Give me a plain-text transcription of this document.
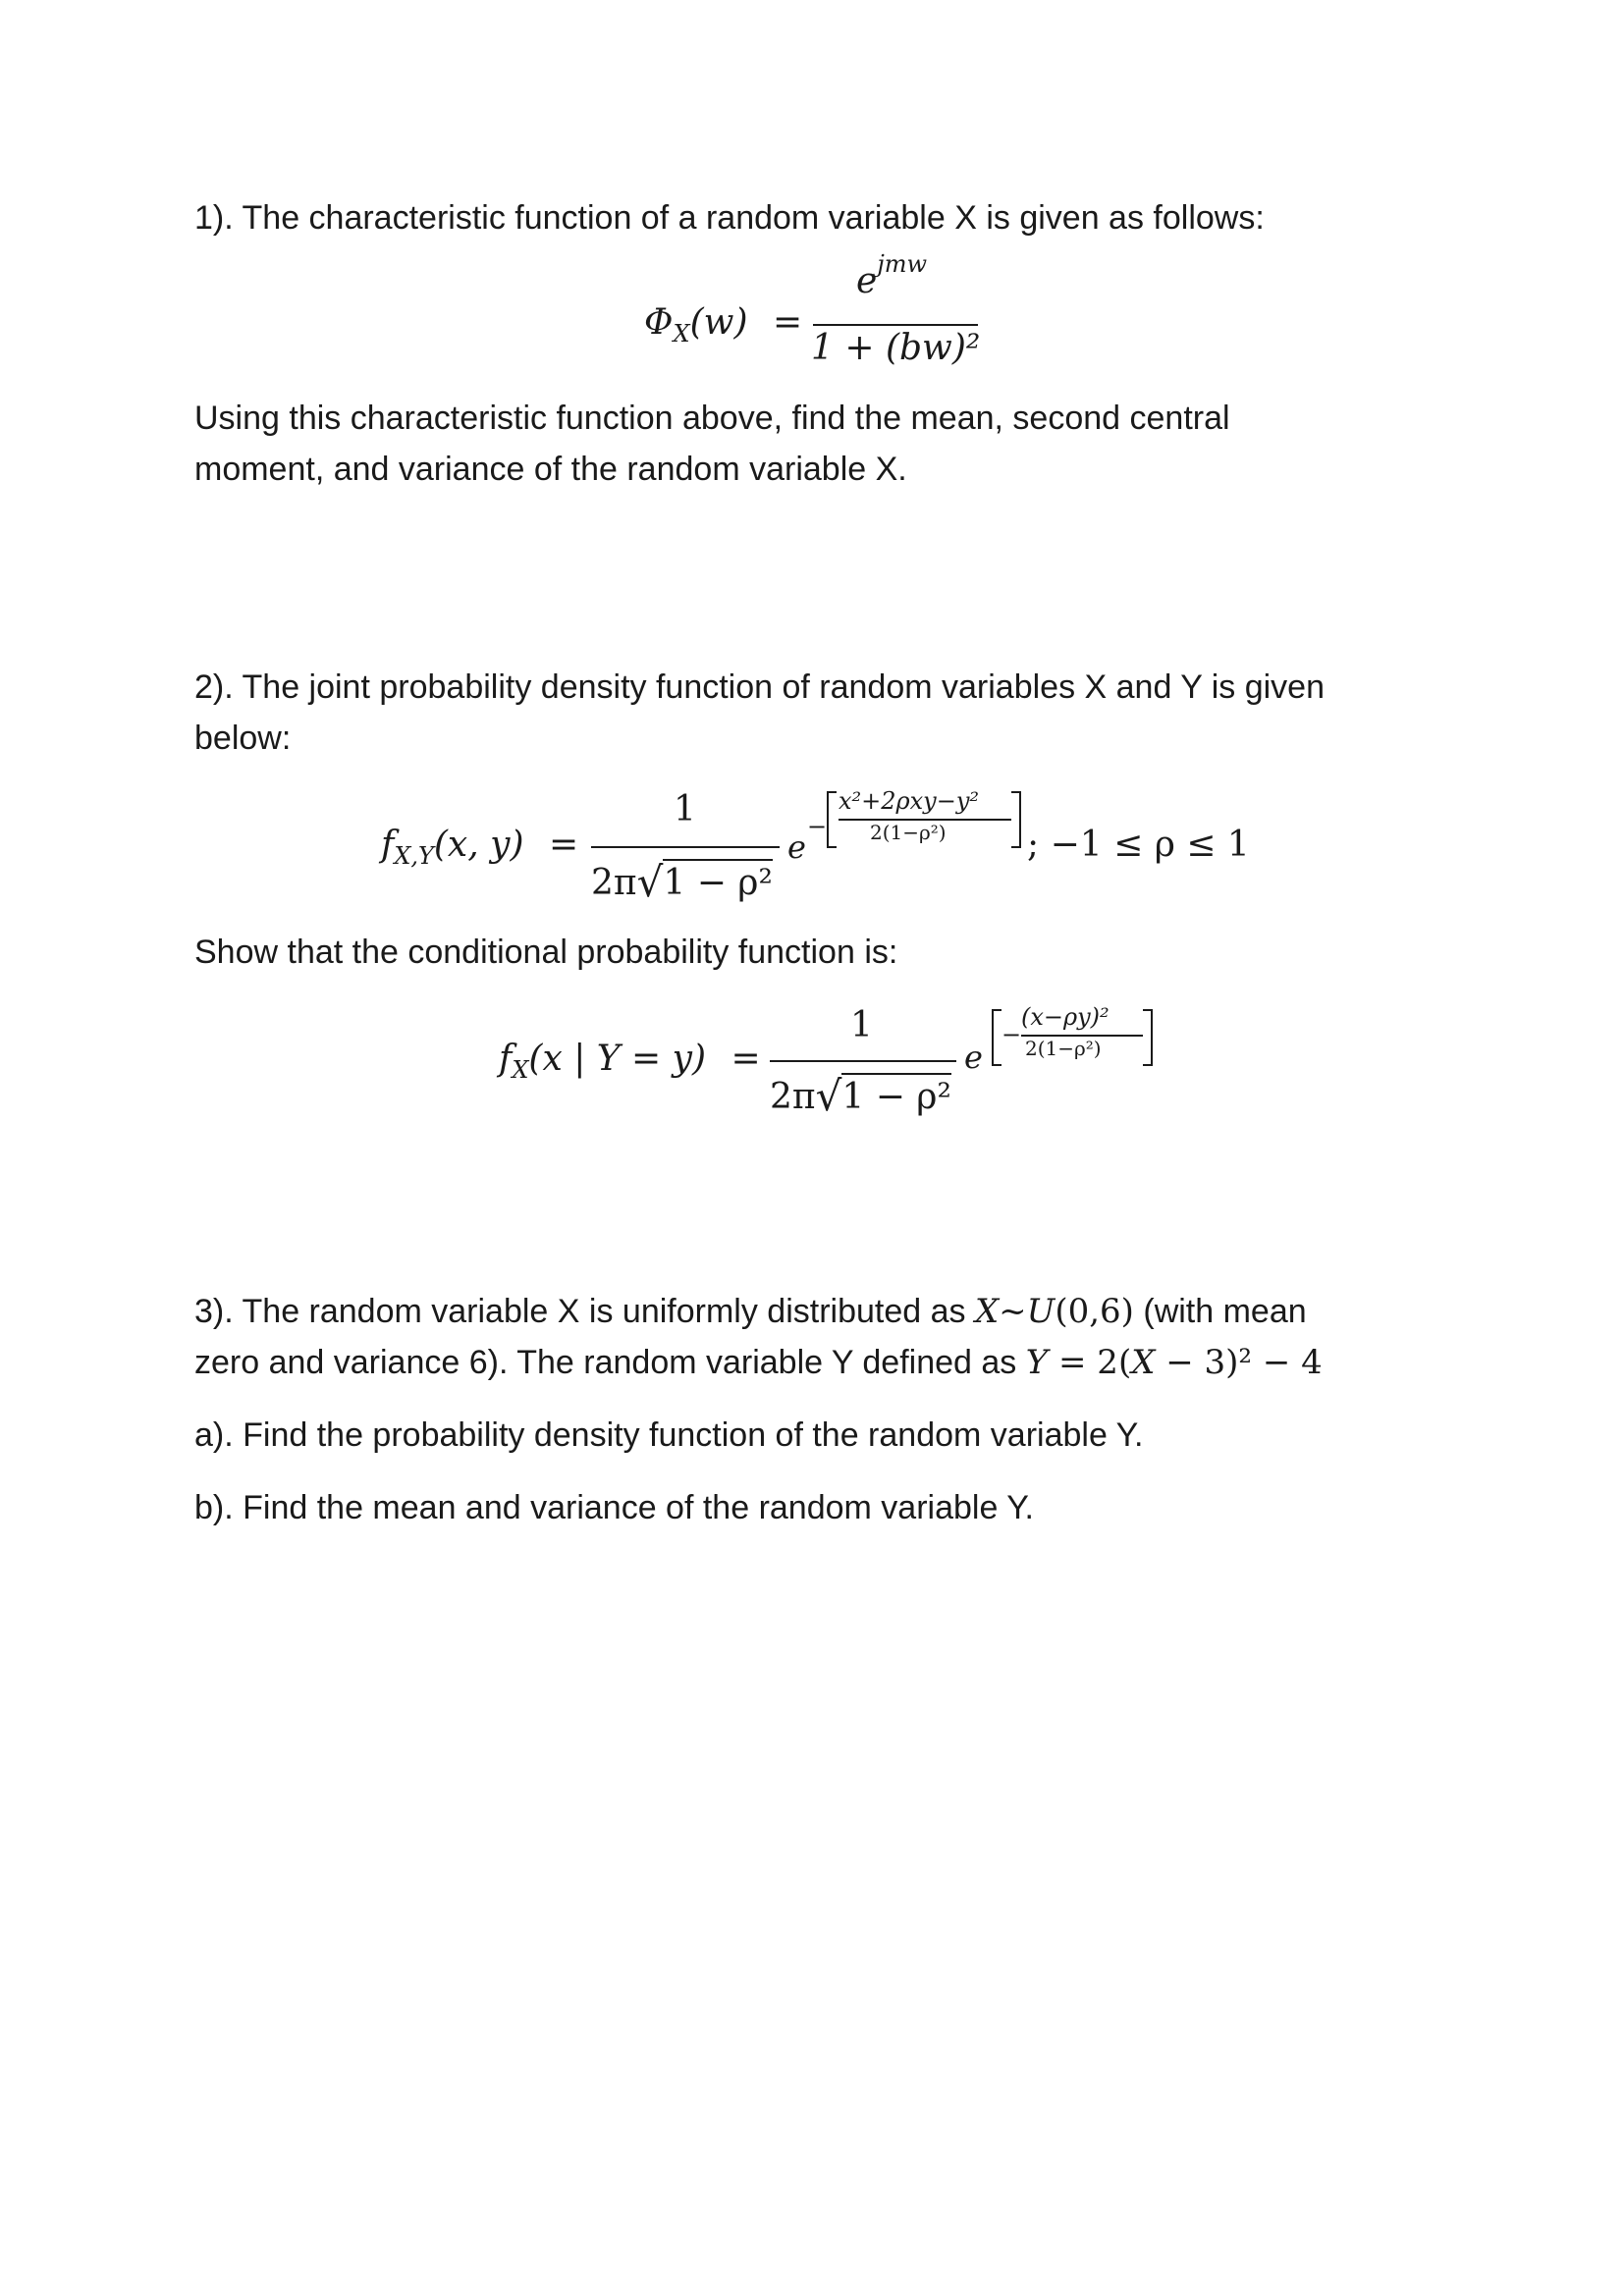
1). The characteristic function of a random variable X is given as follows:
$\Phi_X(w)$ =
$e^{jmw}$
1 + (bw)²
Using this characteristic function above, find the mean, second central
moment, and variance of the random variable X.
2). The joint probability density function of random variables X and Y is given
below:
$f_{X,Y}(x$, y) =
1
2π√1 − ρ²
e
−
x²+2ρxy−y²
2(1−ρ²) ; −1 ≤ ρ ≤ 1
Show that the conditional probability function is:
$f_X(x$ | Y = y) =
1
2π√1 − ρ²
e
−
(x−ρy)²
2(1−ρ²)
3). The random variable X is uniformly distributed as X~U(0,6) (with mean
zero and variance 6). The random variable Y defined as Y = 2(X − 3)² − 4
a). Find the probability density function of the random variable Y.
b). Find the mean and variance of the random variable Y.
